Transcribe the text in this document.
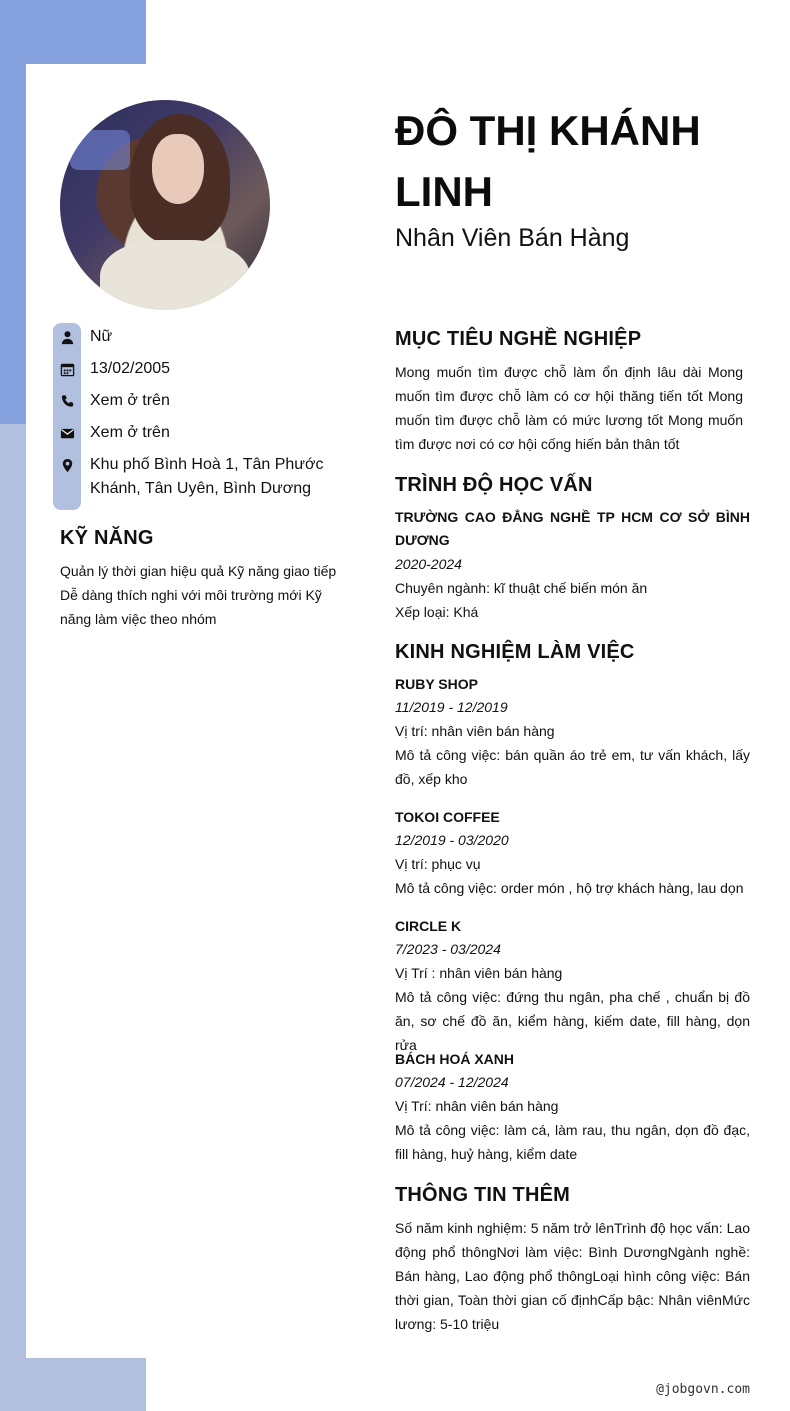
Nữ
13/02/2005
Xem ở trên
Xem ở trên
Khu phố Bình Hoà 1, Tân Phước Khánh, Tân Uyên, Bình Dương
KỸ NĂNG
Quản lý thời gian hiệu quả Kỹ năng giao tiếp Dễ dàng thích nghi với môi trường mới Kỹ năng làm việc theo nhóm
ĐÔ THỊ KHÁNH LINH
Nhân Viên Bán Hàng
MỤC TIÊU NGHỀ NGHIỆP
Mong muốn tìm được chỗ làm ổn định lâu dài Mong muốn tìm được chỗ làm có cơ hội thăng tiến tốt Mong muốn tìm được chỗ làm có mức lương tốt Mong muốn tìm được nơi có cơ hội cống hiến bản thân tốt
TRÌNH ĐỘ HỌC VẤN
TRƯỜNG CAO ĐẲNG NGHỀ TP HCM CƠ SỞ BÌNH DƯƠNG
2020-2024
Chuyên ngành: kĩ thuật chế biến món ăn
Xếp loại: Khá
KINH NGHIỆM LÀM VIỆC
RUBY SHOP
11/2019 - 12/2019
Vị trí: nhân viên bán hàng
Mô tả công việc: bán quần áo trẻ em, tư vấn khách, lấy đồ, xếp kho
TOKOI COFFEE
12/2019 - 03/2020
Vị trí: phục vụ
Mô tả công việc: order món , hộ trợ khách hàng, lau dọn
CIRCLE K
7/2023 - 03/2024
Vị Trí : nhân viên bán hàng
Mô tả công việc: đứng thu ngân, pha chế , chuẩn bị đồ ăn, sơ chế đồ ăn, kiểm hàng, kiếm date, fill hàng, dọn rửa
BÁCH HOÁ XANH
07/2024 - 12/2024
Vị Trí: nhân viên bán hàng
Mô tả công việc: làm cá, làm rau, thu ngân, dọn đồ đạc, fill hàng, huỷ hàng, kiểm date
THÔNG TIN THÊM
Số năm kinh nghiệm: 5 năm trở lênTrình độ học vấn: Lao động phổ thôngNơi làm việc: Bình DươngNgành nghề: Bán hàng, Lao động phổ thôngLoại hình công việc: Bán thời gian, Toàn thời gian cố địnhCấp bậc: Nhân viênMức lương: 5-10 triệu
@jobgovn.com
